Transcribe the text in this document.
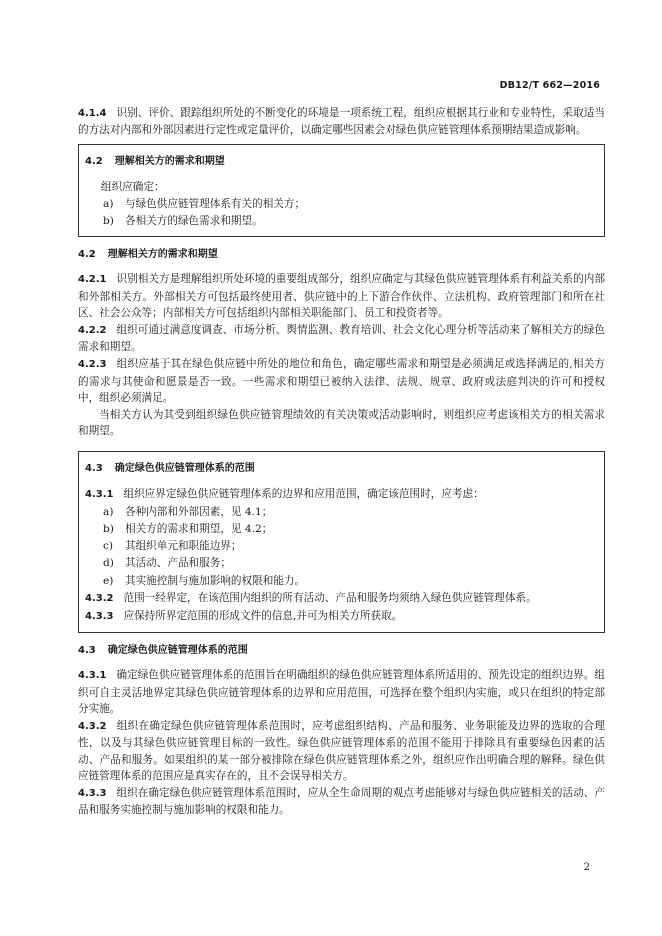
DB12/T 662—2016

4.1.4 识别、评价、跟踪组织所处的不断变化的环境是一项系统工程，组织应根据其行业和专业特性，采取适当的方法对内部和外部因素进行定性或定量评价，以确定哪些因素会对绿色供应链管理体系预期结果造成影响。

4.2 理解相关方的需求和期望

组织应确定：

a) 与绿色供应链管理体系有关的相关方；

b) 各相关方的绿色需求和期望。

4.2 理解相关方的需求和期望

4.2.1 识别相关方是理解组织所处环境的重要组成部分，组织应确定与其绿色供应链管理体系有利益关系的内部和外部相关方。外部相关方可包括最终使用者、供应链中的上下游合作伙伴、立法机构、政府管理部门和所在社区、社会公众等；内部相关方可包括组织内部相关职能部门、员工和投资者等。

4.2.2 组织可通过满意度调查、市场分析、舆情监测、教育培训、社会文化心理分析等活动来了解相关方的绿色需求和期望。

4.2.3 组织应基于其在绿色供应链中所处的地位和角色，确定哪些需求和期望是必须满足或选择满足的,相关方的需求与其使命和愿景是否一致。一些需求和期望已被纳入法律、法规、规章、政府或法庭判决的许可和授权中，组织必须满足。

当相关方认为其受到组织绿色供应链管理绩效的有关决策或活动影响时，则组织应考虑该相关方的相关需求和期望。

4.3 确定绿色供应链管理体系的范围

4.3.1 组织应界定绿色供应链管理体系的边界和应用范围，确定该范围时，应考虑：

a) 各种内部和外部因素，见 4.1；

b) 相关方的需求和期望，见 4.2；

c) 其组织单元和职能边界；

d) 其活动、产品和服务；

e) 其实施控制与施加影响的权限和能力。

4.3.2 范围一经界定，在该范围内组织的所有活动、产品和服务均须纳入绿色供应链管理体系。

4.3.3 应保持所界定范围的形成文件的信息,并可为相关方所获取。

4.3 确定绿色供应链管理体系的范围

4.3.1 确定绿色供应链管理体系的范围旨在明确组织的绿色供应链管理体系所适用的、预先设定的组织边界。组织可自主灵活地界定其绿色供应链管理体系的边界和应用范围，可选择在整个组织内实施，或只在组织的特定部分实施。

4.3.2 组织在确定绿色供应链管理体系范围时，应考虑组织结构、产品和服务、业务职能及边界的选取的合理性，以及与其绿色供应链管理目标的一致性。绿色供应链管理体系的范围不能用于排除具有重要绿色因素的活动、产品和服务。如果组织的某一部分被排除在绿色供应链管理体系之外，组织应作出明确合理的解释。绿色供应链管理体系的范围应是真实存在的，且不会误导相关方。

4.3.3 组织在确定绿色供应链管理体系范围时，应从全生命周期的观点考虑能够对与绿色供应链相关的活动、产品和服务实施控制与施加影响的权限和能力。

2
